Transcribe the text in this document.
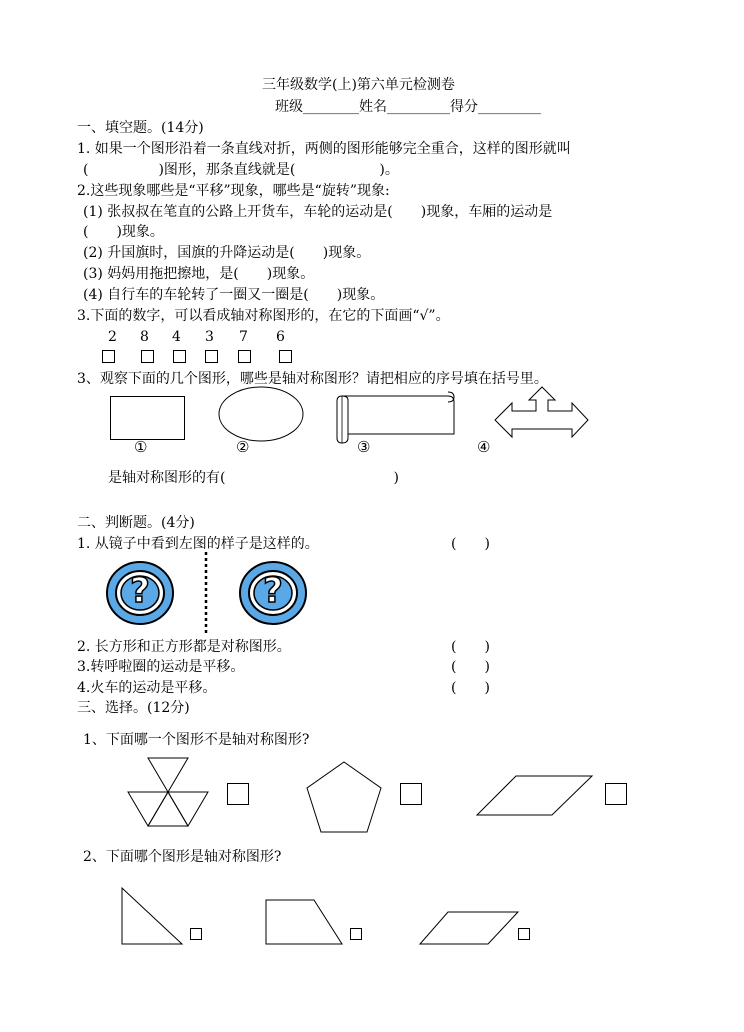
三年级数学(上)第六单元检测卷
班级________姓名_________得分_________
一、填空题。(14分)
1. 如果一个图形沿着一条直线对折，两侧的图形能够完全重合，这样的图形就叫
(　　　　　)图形，那条直线就是(　　　　　　)。
2.这些现象哪些是“平移”现象，哪些是“旋转”现象:
(1) 张叔叔在笔直的公路上开货车，车轮的运动是(　　)现象，车厢的运动是
(　　)现象。
(2) 升国旗时，国旗的升降运动是(　　)现象。
(3) 妈妈用拖把擦地，是(　　)现象。
(4) 自行车的车轮转了一圈又一圈是(　　)现象。
3.下面的数字，可以看成轴对称图形的，在它的下面画“√”。
2 8 4 3 7 6
3、观察下面的几个图形，哪些是轴对称图形？请把相应的序号填在括号里。
①	②	③	④
是轴对称图形的有(　　　　　　　　　　　　)
二、判断题。(4分)
1. 从镜子中看到左图的样子是这样的。	(　　)
?	?
2. 长方形和正方形都是对称图形。	(　　)
3.转呼啦圈的运动是平移。	(　　)
4.火车的运动是平移。	(　　)
三、选择。(12分)
1、下面哪一个图形不是轴对称图形?
2、下面哪个图形是轴对称图形?
